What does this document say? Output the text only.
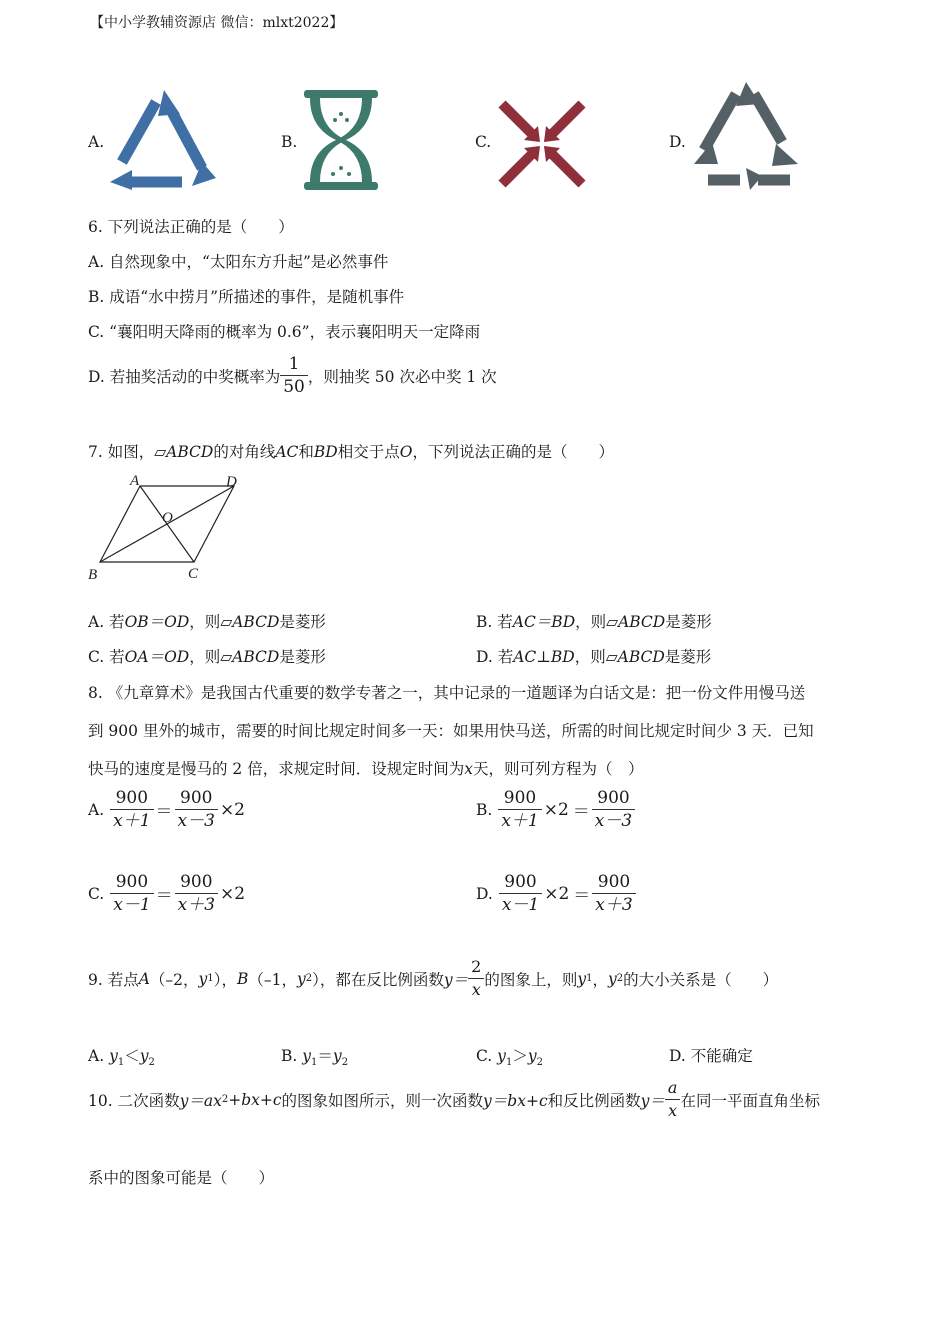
【中小学教辅资源店 微信：mlxt2022】
A.	B.	C.	D.
6. 下列说法正确的是（　　）
A. 自然现象中，“太阳东方升起”是必然事件
B. 成语“水中捞月”所描述的事件，是随机事件
C. “襄阳明天降雨的概率为 0.6”，表示襄阳明天一定降雨
D. 若抽奖活动的中奖概率为 $\frac{1}{50}$ ，则抽奖 50 次必中奖 1 次
7. 如图，▱ABCD的对角线AC和BD相交于点O，下列说法正确的是（　　）
A	D
O
B	C
A. 若OB＝OD，则▱ABCD是菱形	B. 若AC＝BD，则▱ABCD是菱形
C. 若OA＝OD，则▱ABCD是菱形	D. 若AC⊥BD，则▱ABCD是菱形
8. 《九章算术》是我国古代重要的数学专著之一，其中记录的一道题译为白话文是：把一份文件用慢马送
到 900 里外的城市，需要的时间比规定时间多一天：如果用快马送，所需的时间比规定时间少 3 天．已知
快马的速度是慢马的 2 倍，求规定时间．设规定时间为x天，则可列方程为（　）
A. $\frac{900}{x+1} = \frac{900}{x-3} \times 2$	B. $\frac{900}{x+1} \times 2 = \frac{900}{x-3}$
C. $\frac{900}{x-1} = \frac{900}{x+3} \times 2$	D. $\frac{900}{x-1} \times 2 = \frac{900}{x+3}$
9. 若点 A （–2， y 1 ）， B （–1， y 2 ）， 都在反比例函数 $y= \frac{2}{x}$ 的图象上，则 y 1 ， y 2 的大小关系是（　　）
A. $y_1<y_2$	B. $y_1=y_2$	C. $y_1>y_2$	D. 不能确定
10. 二次函数 y＝ax 2 +bx+c 的图象如图所示，则一次函数 y＝bx+c 和反比例函数 $y= \frac{a}{x}$ 在同一平面直角坐标
系中的图象可能是（　　）
